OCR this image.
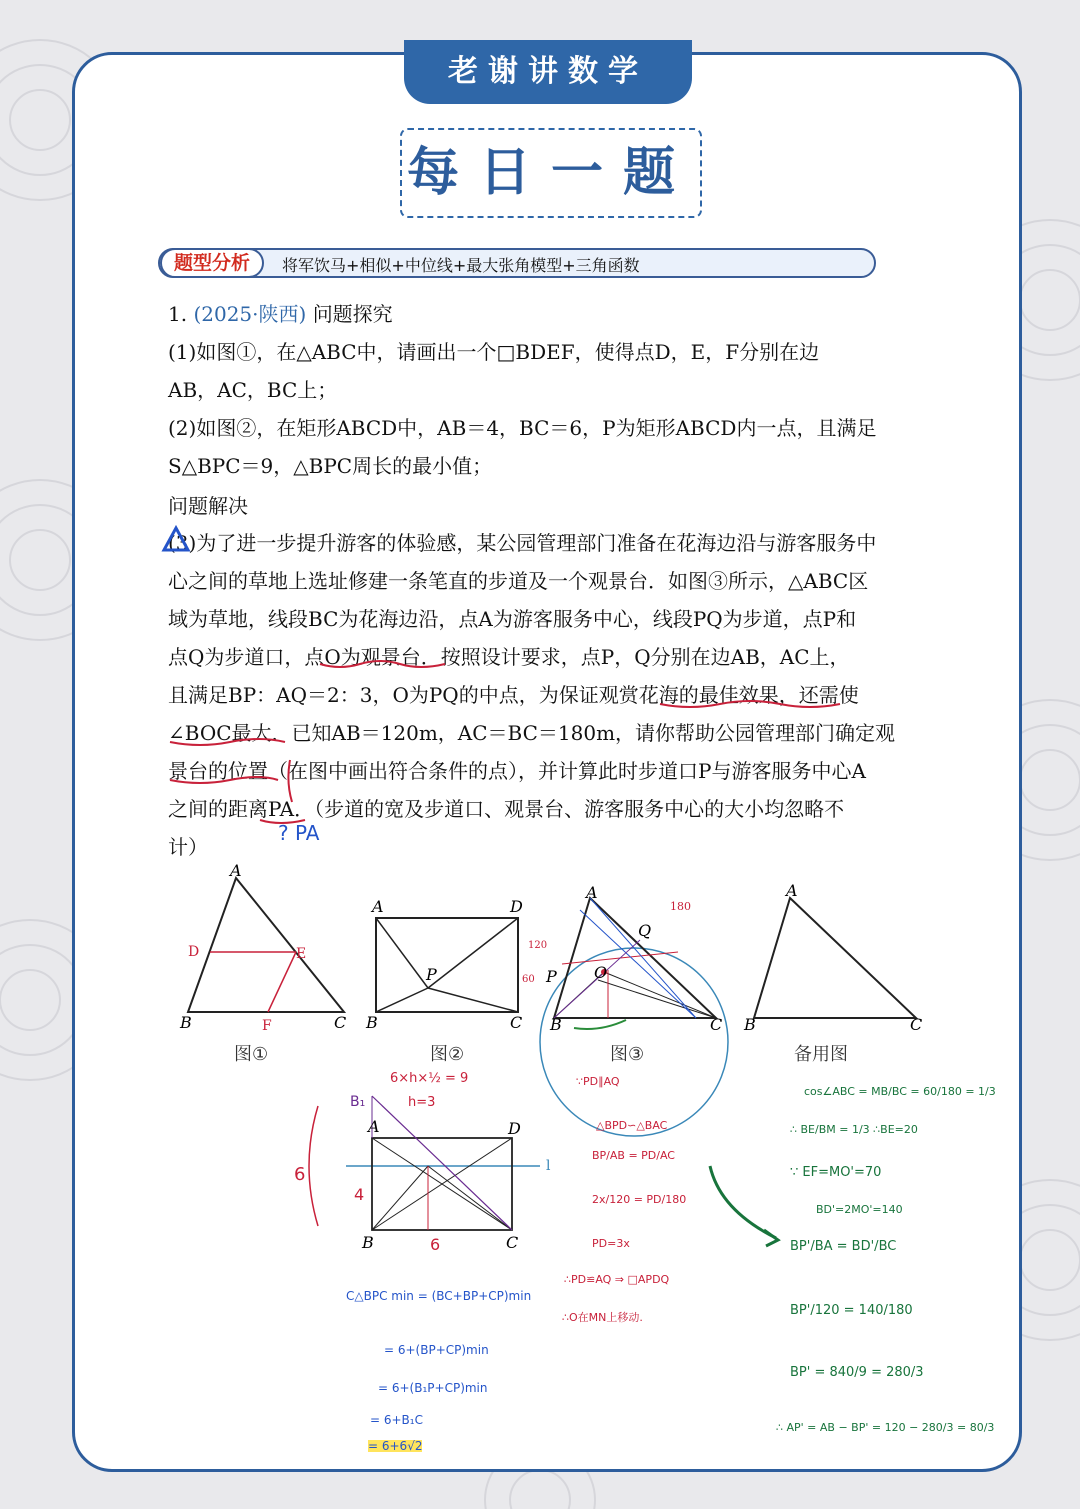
老谢讲数学
每日一题
题型分析	将军饮马+相似+中位线+最大张角模型+三角函数
1. (2025·陕西) 问题探究
(1)如图①，在△ABC中，请画出一个□BDEF，使得点D，E，F分别在边
AB，AC，BC上；
(2)如图②，在矩形ABCD中，AB＝4，BC＝6，P为矩形ABCD内一点，且满足
S△BPC＝9，△BPC周长的最小值；
问题解决
(3)为了进一步提升游客的体验感，某公园管理部门准备在花海边沿与游客服务中
心之间的草地上选址修建一条笔直的步道及一个观景台．如图③所示，△ABC区
域为草地，线段BC为花海边沿，点A为游客服务中心，线段PQ为步道，点P和
点Q为步道口，点O为观景台．按照设计要求，点P，Q分别在边AB，AC上，
且满足BP：AQ＝2：3，O为PQ的中点，为保证观赏花海的最佳效果，还需使
∠BOC最大．已知AB＝120m，AC＝BC＝180m，请你帮助公园管理部门确定观
景台的位置（在图中画出符合条件的点），并计算此时步道口P与游客服务中心A
之间的距离PA．（步道的宽及步道口、观景台、游客服务中心的大小均忽略不
计）
? PA
A
B	C
D	E
F
图①
A	D
B	C
P
图②
A
B	C
P
Q
O
180
120
60
图③
A
B	C
备用图
6×h×½ = 9
h=3
B₁
A	D
B	C
l
6
4
6
∵PD∥AQ
△BPD∽△BAC
BP/AB = PD/AC
2x/120 = PD/180
PD=3x
∴PD≌AQ ⇒ □APDQ
∴O在MN上移动.
C△BPC min = (BC+BP+CP)min
= 6+(BP+CP)min
= 6+(B₁P+CP)min
= 6+B₁C
= 6+6√2
cos∠ABC = MB/BC = 60/180 = 1/3
∴ BE/BM = 1/3 ∴BE=20
∵ EF=MO'=70
BD'=2MO'=140
BP'/BA = BD'/BC
BP'/120 = 140/180
BP' = 840/9 = 280/3
∴ AP' = AB − BP' = 120 − 280/3 = 80/3
